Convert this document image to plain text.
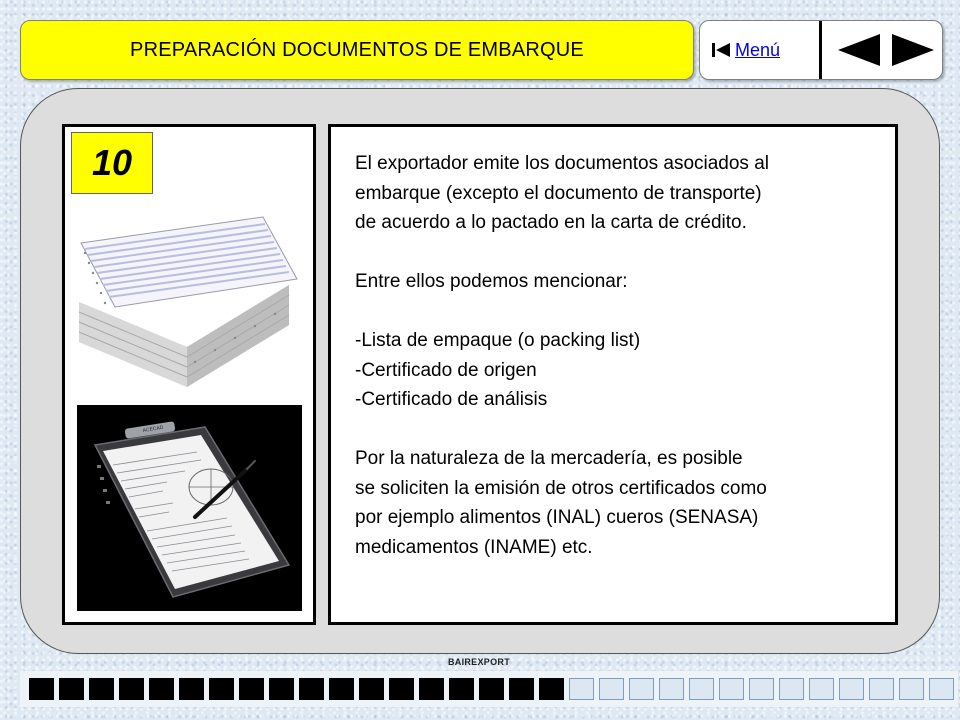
PREPARACIÓN DOCUMENTOS DE EMBARQUE	Menú
10
ACECAD

El exportador emite los documentos asociados al

embarque (excepto el documento de transporte)

de acuerdo a lo pactado en la carta de crédito.

Entre ellos podemos mencionar:

-Lista de empaque (o packing list)

-Certificado de origen

-Certificado de análisis

Por la naturaleza de la mercadería, es posible

se soliciten la emisión de otros certificados como

por ejemplo alimentos (INAL) cueros (SENASA)

medicamentos (INAME) etc.

BAIREXPORT
